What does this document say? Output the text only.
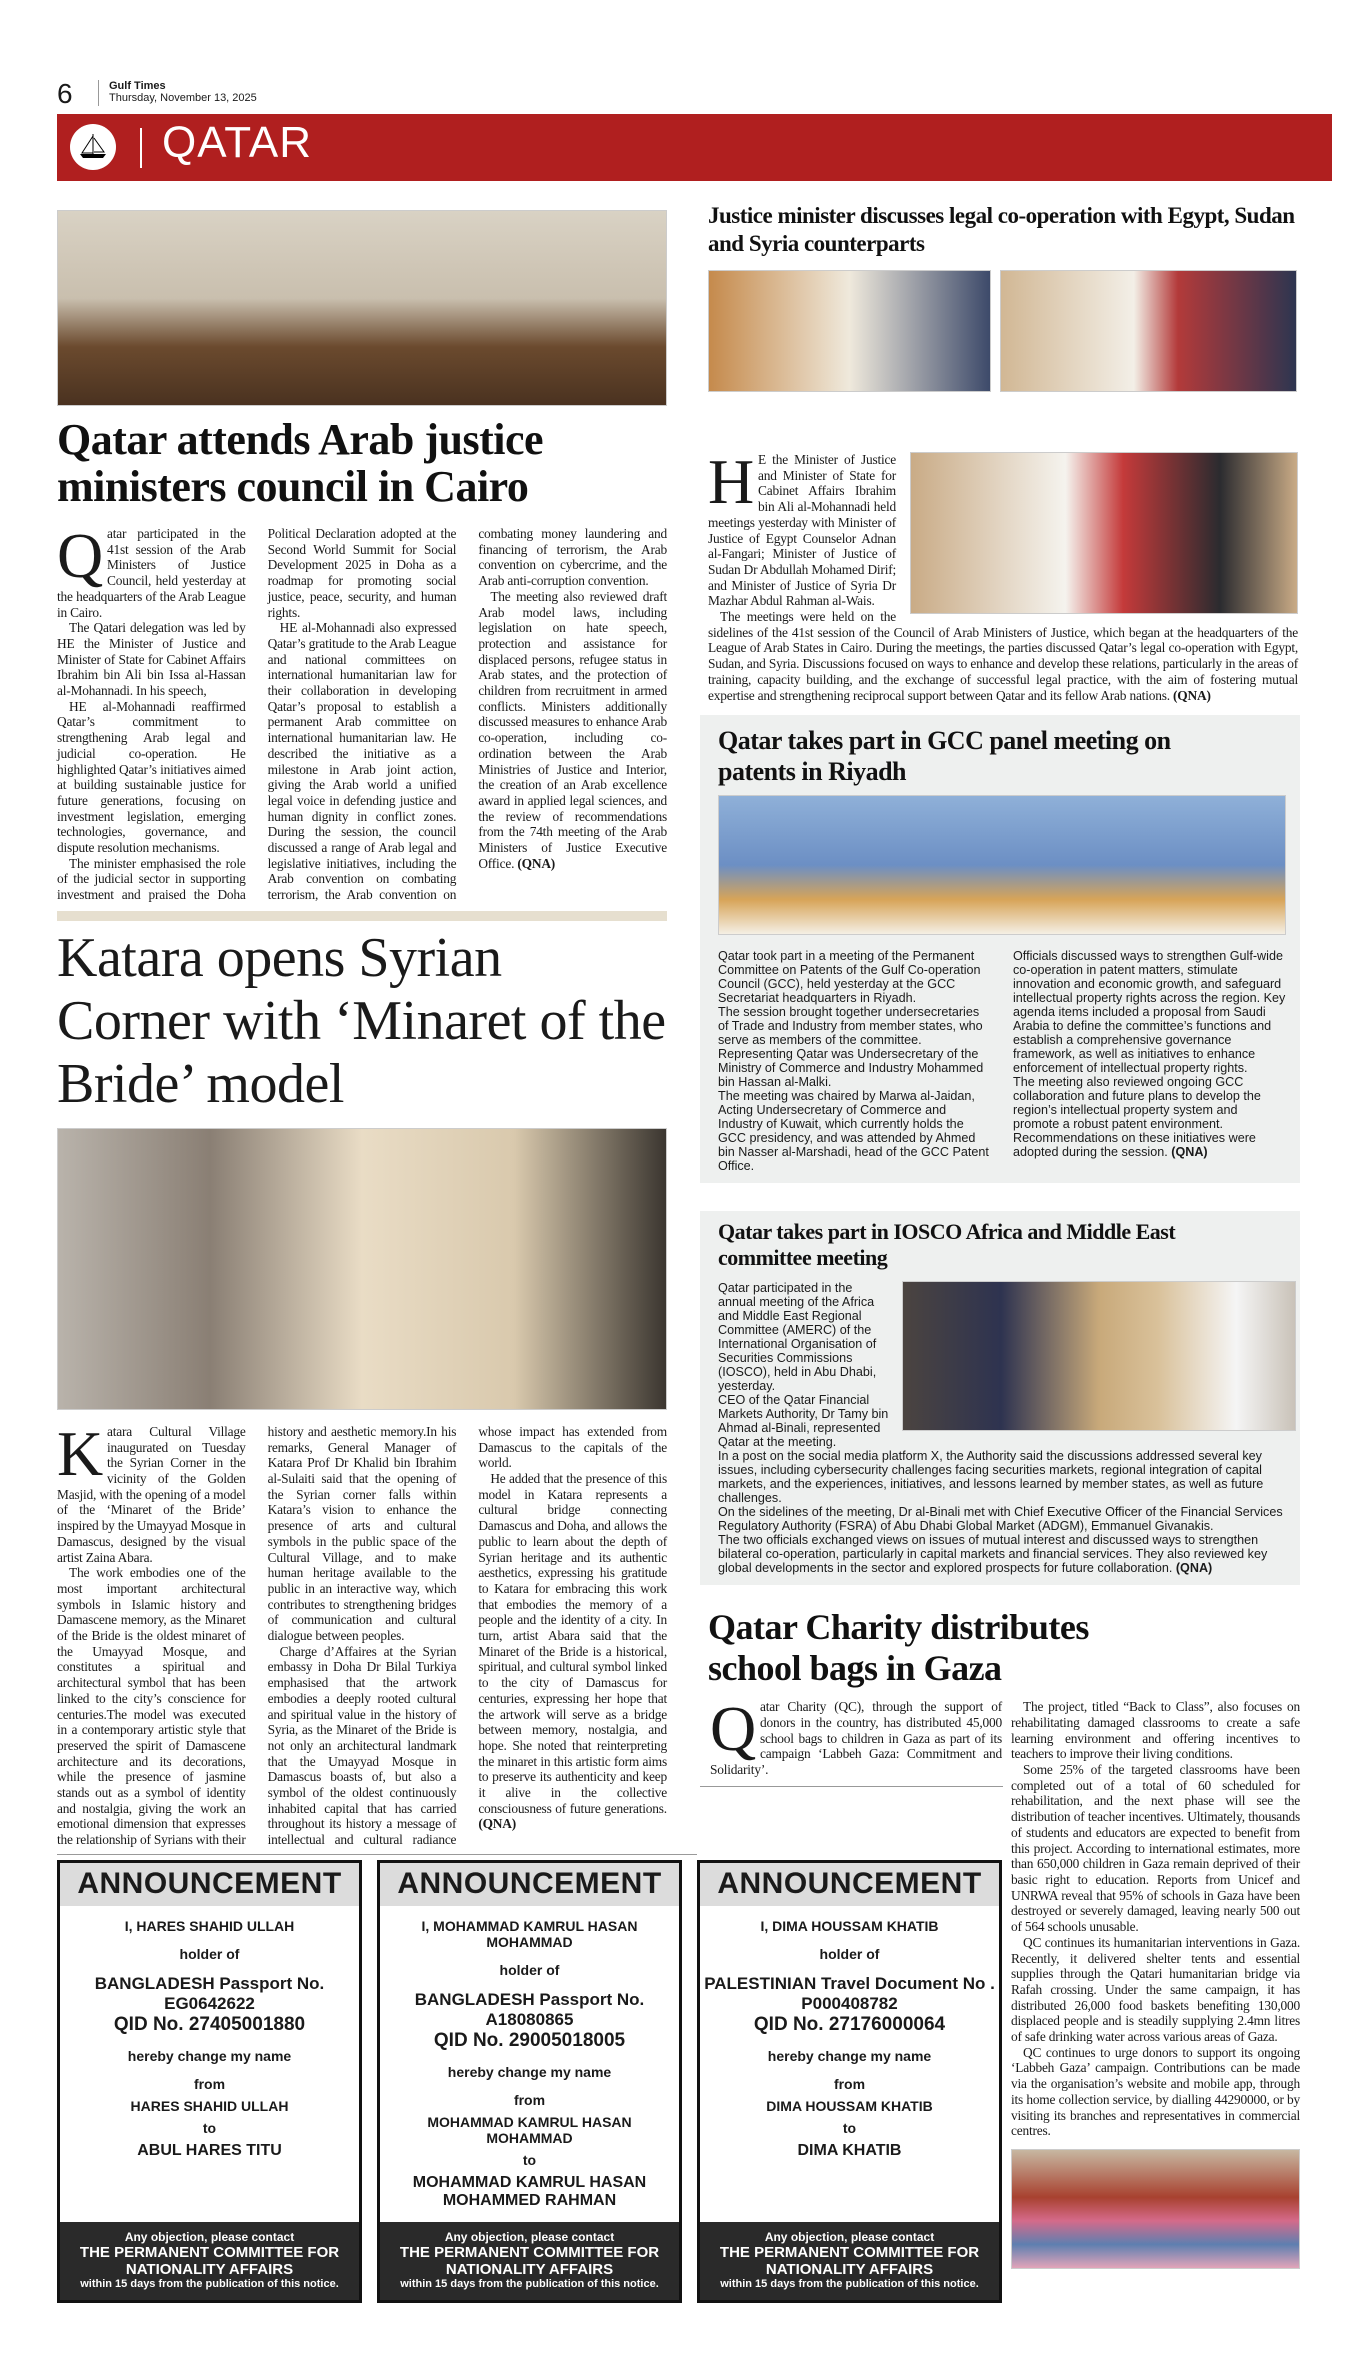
6	Gulf Times
Thursday, November 13, 2025
QATAR
Qatar attends Arab justice ministers council in Cairo

Qatar participated in the 41st session of the Arab Ministers of Justice Council, held yesterday at the headquarters of the Arab League in Cairo.

The Qatari delegation was led by HE the Minister of Justice and Minister of State for Cabinet Affairs Ibrahim bin Ali bin Issa al-Hassan al-Mohannadi. In his speech,

HE al-Mohannadi reaffirmed Qatar’s commitment to strengthening Arab legal and judicial co-operation. He highlighted Qatar’s initiatives aimed at building sustainable justice for future generations, focusing on investment legislation, emerging technologies, governance, and dispute resolution mechanisms.

The minister emphasised the role of the judicial sector in supporting investment and praised the Doha Political Declaration adopted at the Second World Summit for Social Development 2025 in Doha as a roadmap for promoting social justice, peace, security, and human rights.

HE al-Mohannadi also expressed Qatar’s gratitude to the Arab League and national committees on international humanitarian law for their collaboration in developing Qatar’s proposal to establish a permanent Arab committee on international humanitarian law. He described the initiative as a milestone in Arab joint action, giving the Arab world a unified legal voice in defending justice and human dignity in conflict zones. During the session, the council discussed a range of Arab legal and legislative initiatives, including the Arab convention on combating terrorism, the Arab convention on combating money laundering and financing of terrorism, the Arab convention on cybercrime, and the Arab anti-corruption convention.

The meeting also reviewed draft Arab model laws, including legislation on hate speech, protection and assistance for displaced persons, refugee status in Arab states, and the protection of children from recruitment in armed conflicts. Ministers additionally discussed measures to enhance Arab co-operation, including co-ordination between the Arab Ministries of Justice and Interior, the creation of an Arab excellence award in applied legal sciences, and the review of recommendations from the 74th meeting of the Arab Ministers of Justice Executive Office. (QNA)

Katara opens Syrian Corner with ‘Minaret of the Bride’ model

Katara Cultural Village inaugurated on Tuesday the Syrian Corner in the vicinity of the Golden Masjid, with the opening of a model of the ‘Minaret of the Bride’ inspired by the Umayyad Mosque in Damascus, designed by the visual artist Zaina Abara.

The work embodies one of the most important architectural symbols in Islamic history and Damascene memory, as the Minaret of the Bride is the oldest minaret of the Umayyad Mosque, and constitutes a spiritual and architectural symbol that has been linked to the city’s conscience for centuries.The model was executed in a contemporary artistic style that preserved the spirit of Damascene architecture and its decorations, while the presence of jasmine stands out as a symbol of identity and nostalgia, giving the work an emotional dimension that expresses the relationship of Syrians with their history and aesthetic memory.In his remarks, General Manager of Katara Prof Dr Khalid bin Ibrahim al-Sulaiti said that the opening of the Syrian corner falls within Katara’s vision to enhance the presence of arts and cultural symbols in the public space of the Cultural Village, and to make human heritage available to the public in an interactive way, which contributes to strengthening bridges of communication and cultural dialogue between peoples.

Charge d’Affaires at the Syrian embassy in Doha Dr Bilal Turkiya emphasised that the artwork embodies a deeply rooted cultural and spiritual value in the history of Syria, as the Minaret of the Bride is not only an architectural landmark that the Umayyad Mosque in Damascus boasts of, but also a symbol of the oldest continuously inhabited capital that has carried throughout its history a message of intellectual and cultural radiance whose impact has extended from Damascus to the capitals of the world.

He added that the presence of this model in Katara represents a cultural bridge connecting Damascus and Doha, and allows the public to learn about the depth of Syrian heritage and its authentic aesthetics, expressing his gratitude to Katara for embracing this work that embodies the memory of a people and the identity of a city. In turn, artist Abara said that the Minaret of the Bride is a historical, spiritual, and cultural symbol linked to the city of Damascus for centuries, expressing her hope that the artwork will serve as a bridge between memory, nostalgia, and hope. She noted that reinterpreting the minaret in this artistic form aims to preserve its authenticity and keep it alive in the collective consciousness of future generations. (QNA)

Justice minister discusses legal co-operation with Egypt, Sudan and Syria counterparts

H E the Minister of Justice and Minister of State for Cabinet Affairs Ibrahim bin Ali al-Mohannadi held meetings yesterday with Minister of Justice of Egypt Counselor Adnan al-Fangari; Minister of Justice of Sudan Dr Abdullah Mohamed Dirif; and Minister of Justice of Syria Dr Mazhar Abdul Rahman al-Wais.

The meetings were held on the sidelines of the 41st session of the Council of Arab Ministers of Justice, which began at the headquarters of the League of Arab States in Cairo. During the meetings, the parties discussed Qatar’s legal co-operation with Egypt, Sudan, and Syria. Discussions focused on ways to enhance and develop these relations, particularly in the areas of training, capacity building, and the exchange of successful legal practice, with the aim of fostering mutual expertise and strengthening reciprocal support between Qatar and its fellow Arab nations. (QNA)

Qatar takes part in GCC panel meeting on patents in Riyadh

Qatar took part in a meeting of the Permanent Committee on Patents of the Gulf Co-operation Council (GCC), held yesterday at the GCC Secretariat headquarters in Riyadh.

The session brought together undersecretaries of Trade and Industry from member states, who serve as members of the committee.

Representing Qatar was Undersecretary of the Ministry of Commerce and Industry Mohammed bin Hassan al-Malki.

The meeting was chaired by Marwa al-Jaidan, Acting Undersecretary of Commerce and Industry of Kuwait, which currently holds the GCC presidency, and was attended by Ahmed bin Nasser al-Marshadi, head of the GCC Patent Office.

Officials discussed ways to strengthen Gulf-wide co-operation in patent matters, stimulate innovation and economic growth, and safeguard intellectual property rights across the region. Key agenda items included a proposal from Saudi Arabia to define the committee’s functions and establish a comprehensive governance framework, as well as initiatives to enhance enforcement of intellectual property rights.

The meeting also reviewed ongoing GCC collaboration and future plans to develop the region’s intellectual property system and promote a robust patent environment. Recommendations on these initiatives were adopted during the session. (QNA)

Qatar takes part in IOSCO Africa and Middle East committee meeting

Qatar participated in the annual meeting of the Africa and Middle East Regional Committee (AMERC) of the International Organisation of Securities Commissions (IOSCO), held in Abu Dhabi, yesterday.

CEO of the Qatar Financial Markets Authority, Dr Tamy bin Ahmad al-Binali, represented Qatar at the meeting.

In a post on the social media platform X, the Authority said the discussions addressed several key issues, including cybersecurity challenges facing securities markets, regional integration of capital markets, and the experiences, initiatives, and lessons learned by member states, as well as future challenges.

On the sidelines of the meeting, Dr al-Binali met with Chief Executive Officer of the Financial Services Regulatory Authority (FSRA) of Abu Dhabi Global Market (ADGM), Emmanuel Givanakis.

The two officials exchanged views on issues of mutual interest and discussed ways to strengthen bilateral co-operation, particularly in capital markets and financial services. They also reviewed key global developments in the sector and explored prospects for future collaboration. (QNA)

Qatar Charity distributes school bags in Gaza

Qatar Charity (QC), through the support of donors in the country, has distributed 45,000 school bags to children in Gaza as part of its campaign ‘Labbeh Gaza: Commitment and Solidarity’.

The project, titled “Back to Class”, also focuses on rehabilitating damaged classrooms to create a safe learning environment and offering incentives to teachers to improve their living conditions.

Some 25% of the targeted classrooms have been completed out of a total of 60 scheduled for rehabilitation, and the next phase will see the distribution of teacher incentives. Ultimately, thousands of students and educators are expected to benefit from this project. According to international estimates, more than 650,000 children in Gaza remain deprived of their basic right to education. Reports from Unicef and UNRWA reveal that 95% of schools in Gaza have been destroyed or severely damaged, leaving nearly 500 out of 564 schools unusable.

QC continues its humanitarian interventions in Gaza. Recently, it delivered shelter tents and essential supplies through the Qatari humanitarian bridge via Rafah crossing. Under the same campaign, it has distributed 26,000 food baskets benefiting 130,000 displaced people and is steadily supplying 2.4mn litres of safe drinking water across various areas of Gaza.

QC continues to urge donors to support its ongoing ‘Labbeh Gaza’ campaign. Contributions can be made via the organisation’s website and mobile app, through its home collection service, by dialling 44290000, or by visiting its branches and representatives in commercial centres.

ANNOUNCEMENT
I, HARES SHAHID ULLAH
holder of
BANGLADESH Passport No. EG0642622
QID No. 27405001880
hereby change my name
from
HARES SHAHID ULLAH
to
ABUL HARES TITU
Any objection, please contact
THE PERMANENT COMMITTEE FOR NATIONALITY AFFAIRS
within 15 days from the publication of this notice.
ANNOUNCEMENT
I, MOHAMMAD KAMRUL HASAN MOHAMMAD
holder of
BANGLADESH Passport No. A18080865
QID No. 29005018005
hereby change my name
from
MOHAMMAD KAMRUL HASAN MOHAMMAD
to
MOHAMMAD KAMRUL HASAN MOHAMMED RAHMAN
Any objection, please contact
THE PERMANENT COMMITTEE FOR NATIONALITY AFFAIRS
within 15 days from the publication of this notice.
ANNOUNCEMENT
I, DIMA HOUSSAM KHATIB
holder of
PALESTINIAN Travel Document No . P000408782
QID No. 27176000064
hereby change my name
from
DIMA HOUSSAM KHATIB
to
DIMA KHATIB
Any objection, please contact
THE PERMANENT COMMITTEE FOR NATIONALITY AFFAIRS
within 15 days from the publication of this notice.
